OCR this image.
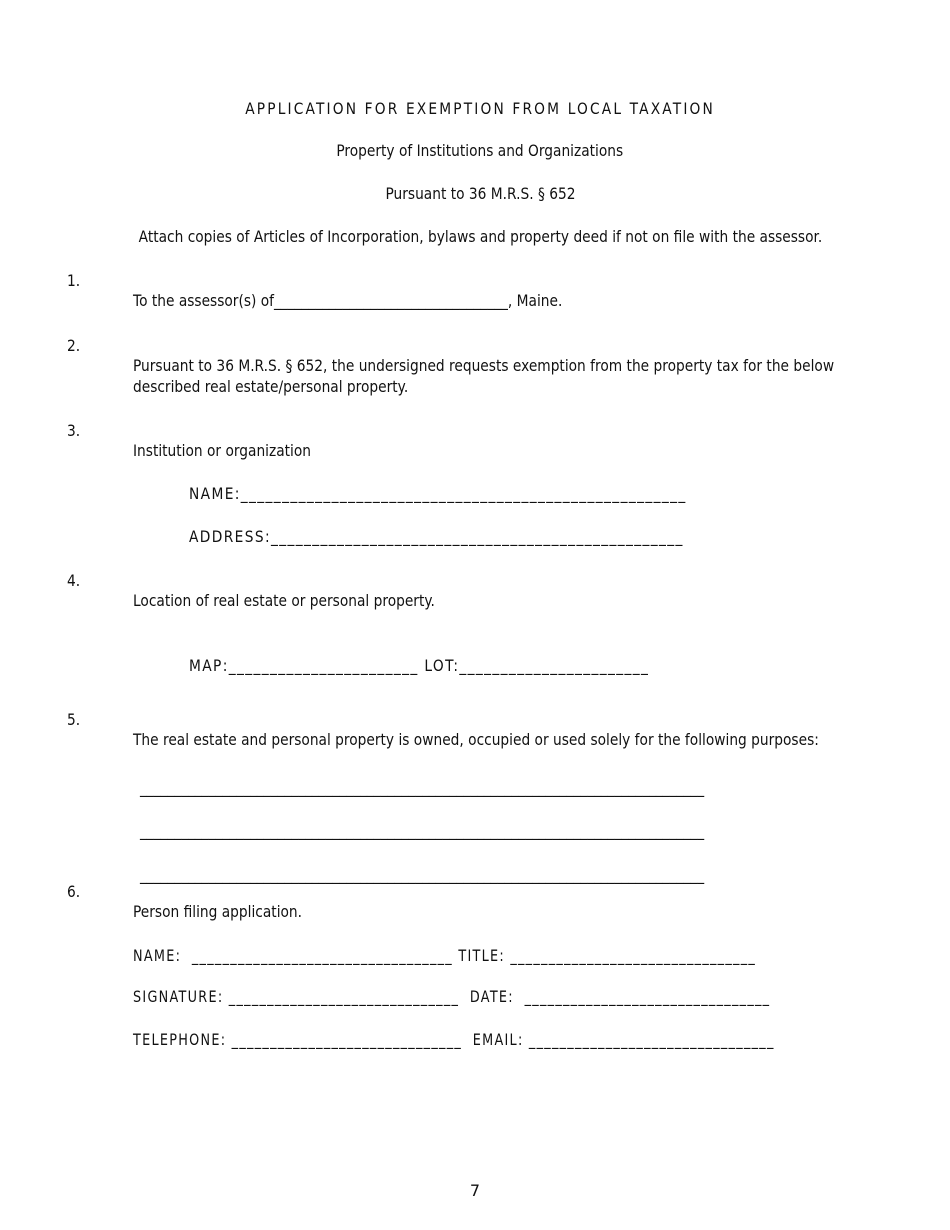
APPLICATION FOR EXEMPTION FROM LOCAL TAXATION

Property of Institutions and Organizations

Pursuant to 36 M.R.S. § 652

Attach copies of Articles of Incorporation, bylaws and property deed if not on file with the assessor.

1.

To the assessor(s) of__________________________________, Maine.

2.

Pursuant to 36 M.R.S. § 652, the undersigned requests exemption from the property tax for the below

described real estate/personal property.

3.

Institution or organization

NAME:______________________________________________________

ADDRESS:__________________________________________________

4.

Location of real estate or personal property.

MAP:_______________________ LOT:_______________________

5.

The real estate and personal property is owned, occupied or used solely for the following purposes:

__________________________________________________________________________________

__________________________________________________________________________________

__________________________________________________________________________________

6.

Person filing application.

NAME:  __________________________________ TITLE: ________________________________

SIGNATURE: ______________________________  DATE:  ________________________________

TELEPHONE: ______________________________  EMAIL: ________________________________

7
